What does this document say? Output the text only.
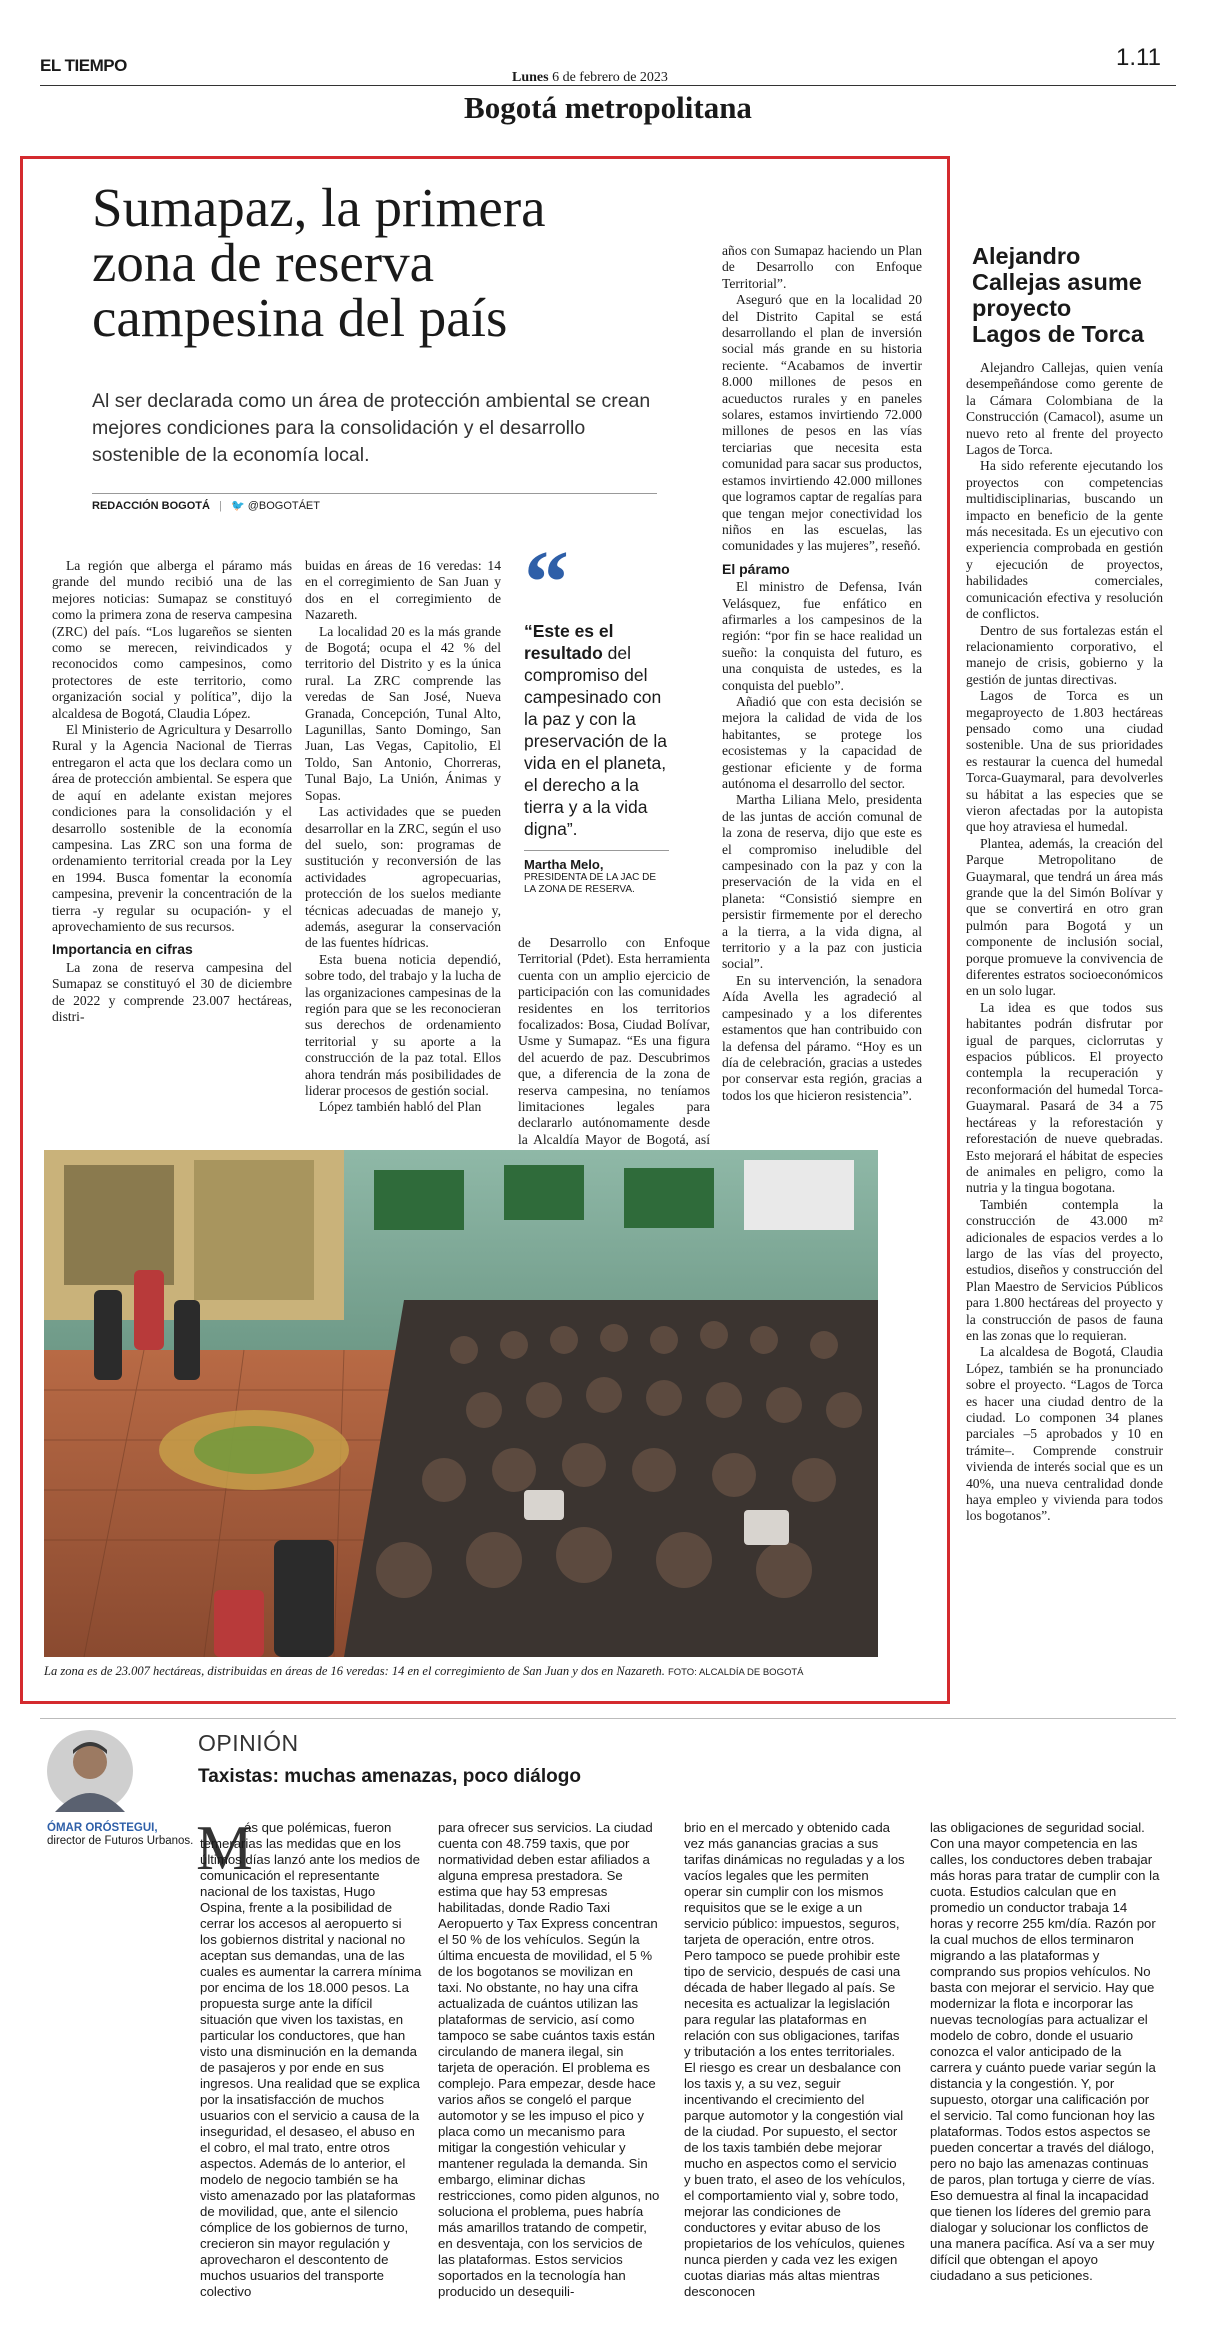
EL TIEMPO
Lunes 6 de febrero de 2023
1.11
Bogotá metropolitana
Sumapaz, la primera
zona de reserva
campesina del país
Al ser declarada como un área de protección ambiental se crean mejores condiciones para la consolidación y el desarrollo sostenible de la economía local.
REDACCIÓN BOGOTÁ | 🐦 @BOGOTÁET

La región que alberga el páramo más grande del mundo recibió una de las mejores noticias: Sumapaz se constituyó como la primera zona de reserva campesina (ZRC) del país. “Los lugareños se sienten como se merecen, reivindicados y reconocidos como campesinos, como protectores de este territorio, como organización social y política”, dijo la alcaldesa de Bogotá, Claudia López.

El Ministerio de Agricultura y Desarrollo Rural y la Agencia Nacional de Tierras entregaron el acta que los declara como un área de protección ambiental. Se espera que de aquí en adelante existan mejores condiciones para la consolidación y el desarrollo sostenible de la economía campesina. Las ZRC son una forma de ordenamiento territorial creada por la Ley en 1994. Busca fomentar la economía campesina, prevenir la concentración de la tierra -y regular su ocupación- y el aprovechamiento de sus recursos.

Importancia en cifras

La zona de reserva campesina del Sumapaz se constituyó el 30 de diciembre de 2022 y comprende 23.007 hectáreas, distri-

buidas en áreas de 16 veredas: 14 en el corregimiento de San Juan y dos en el corregimiento de Nazareth.

La localidad 20 es la más grande de Bogotá; ocupa el 42 % del territorio del Distrito y es la única rural. La ZRC comprende las veredas de San José, Nueva Granada, Concepción, Tunal Alto, Lagunillas, Santo Domingo, San Juan, Las Vegas, Capitolio, El Toldo, San Antonio, Chorreras, Tunal Bajo, La Unión, Ánimas y Sopas.

Las actividades que se pueden desarrollar en la ZRC, según el uso del suelo, son: programas de sustitución y reconversión de las actividades agropecuarias, protección de los suelos mediante técnicas adecuadas de manejo y, además, asegurar la conservación de las fuentes hídricas.

Esta buena noticia dependió, sobre todo, del trabajo y la lucha de las organizaciones campesinas de la región para que se les reconocieran sus derechos de ordenamiento territorial y su aporte a la construcción de la paz total. Ellos ahora tendrán más posibilidades de liderar procesos de gestión social.

López también habló del Plan

“
“Este es el resultado del compromiso del campesinado con la paz y con la preservación de la vida en el planeta, el derecho a la tierra y a la vida digna”.
Martha Melo,
PRESIDENTA DE LA JAC DE LA ZONA DE RESERVA.

de Desarrollo con Enfoque Territorial (Pdet). Esta herramienta cuenta con un amplio ejercicio de participación con las comunidades residentes en los territorios focalizados: Bosa, Ciudad Bolívar, Usme y Sumapaz. “Es una figura del acuerdo de paz. Descubrimos que, a diferencia de la zona de reserva campesina, no teníamos limitaciones legales para declararlo autónomamente desde la Alcaldía Mayor de Bogotá, así

años con Sumapaz haciendo un Plan de Desarrollo con Enfoque Territorial”.

Aseguró que en la localidad 20 del Distrito Capital se está desarrollando el plan de inversión social más grande en su historia reciente. “Acabamos de invertir 8.000 millones de pesos en acueductos rurales y en paneles solares, estamos invirtiendo 72.000 millones de pesos en las vías terciarias que necesita esta comunidad para sacar sus productos, estamos invirtiendo 42.000 millones que logramos captar de regalías para que tengan mejor conectividad los niños en las escuelas, las comunidades y las mujeres”, reseñó.

El páramo

El ministro de Defensa, Iván Velásquez, fue enfático en afirmarles a los campesinos de la región: “por fin se hace realidad un sueño: la conquista del futuro, es una conquista de ustedes, es la conquista del pueblo”.

Añadió que con esta decisión se mejora la calidad de vida de los habitantes, se protege los ecosistemas y la capacidad de gestionar eficiente y de forma autónoma el desarrollo del sector.

Martha Liliana Melo, presidenta de las juntas de acción comunal de la zona de reserva, dijo que este es el compromiso ineludible del campesinado con la paz y con la preservación de la vida en el planeta: “Consistió siempre en persistir firmemente por el derecho a la tierra, a la vida digna, al territorio y a la paz con justicia social”.

En su intervención, la senadora Aída Avella les agradeció al campesinado y a los diferentes estamentos que han contribuido con la defensa del páramo. “Hoy es un día de celebración, gracias a ustedes por conservar esta región, gracias a todos los que hicieron resistencia”.

La zona es de 23.007 hectáreas, distribuidas en áreas de 16 veredas: 14 en el corregimiento de San Juan y dos en Nazareth. FOTO: ALCALDÍA DE BOGOTÁ
Alejandro
Callejas asume
proyecto
Lagos de Torca

Alejandro Callejas, quien venía desempeñándose como gerente de la Cámara Colombiana de la Construcción (Camacol), asume un nuevo reto al frente del proyecto Lagos de Torca.

Ha sido referente ejecutando los proyectos con competencias multidisciplinarias, buscando un impacto en beneficio de la gente más necesitada. Es un ejecutivo con experiencia comprobada en gestión y ejecución de proyectos, habilidades comerciales, comunicación efectiva y resolución de conflictos.

Dentro de sus fortalezas están el relacionamiento corporativo, el manejo de crisis, gobierno y la gestión de juntas directivas.

Lagos de Torca es un megaproyecto de 1.803 hectáreas pensado como una ciudad sostenible. Una de sus prioridades es restaurar la cuenca del humedal Torca-Guaymaral, para devolverles su hábitat a las especies que se vieron afectadas por la autopista que hoy atraviesa el humedal.

Plantea, además, la creación del Parque Metropolitano de Guaymaral, que tendrá un área más grande que la del Simón Bolívar y que se convertirá en otro gran pulmón para Bogotá y un componente de inclusión social, porque promueve la convivencia de diferentes estratos socioeconómicos en un solo lugar.

La idea es que todos sus habitantes podrán disfrutar por igual de parques, ciclorrutas y espacios públicos. El proyecto contempla la recuperación y reconformación del humedal Torca-Guaymaral. Pasará de 34 a 75 hectáreas y la reforestación y reforestación de nueve quebradas. Esto mejorará el hábitat de especies de animales en peligro, como la nutria y la tingua bogotana.

También contempla la construcción de 43.000 m² adicionales de espacios verdes a lo largo de las vías del proyecto, estudios, diseños y construcción del Plan Maestro de Servicios Públicos para 1.800 hectáreas del proyecto y la construcción de pasos de fauna en las zonas que lo requieran.

La alcaldesa de Bogotá, Claudia López, también se ha pronunciado sobre el proyecto. “Lagos de Torca es hacer una ciudad dentro de la ciudad. Lo componen 34 planes parciales –5 aprobados y 10 en trámite–. Comprende construir vivienda de interés social que es un 40%, una nueva centralidad donde haya empleo y vivienda para todos los bogotanos”.

ÓMAR ORÓSTEGUI,
director de Futuros Urbanos.
OPINIÓN
Taxistas: muchas amenazas, poco diálogo
M

ás que polémicas, fueron temerarias las medidas que en los últimos días lanzó ante los medios de comunicación el representante nacional de los taxistas, Hugo Ospina, frente a la posibilidad de cerrar los accesos al aeropuerto si los gobiernos distrital y nacional no aceptan sus demandas, una de las cuales es aumentar la carrera mínima por encima de los 18.000 pesos. La propuesta surge ante la difícil situación que viven los taxistas, en particular los conductores, que han visto una disminución en la demanda de pasajeros y por ende en sus ingresos. Una realidad que se explica por la insatisfacción de muchos usuarios con el servicio a causa de la inseguridad, el desaseo, el abuso en el cobro, el mal trato, entre otros aspectos. Además de lo anterior, el modelo de negocio también se ha visto amenazado por las plataformas de movilidad, que, ante el silencio cómplice de los gobiernos de turno, crecieron sin mayor regulación y aprovecharon el descontento de muchos usuarios del transporte colectivo

para ofrecer sus servicios. La ciudad cuenta con 48.759 taxis, que por normatividad deben estar afiliados a alguna empresa prestadora. Se estima que hay 53 empresas habilitadas, donde Radio Taxi Aeropuerto y Tax Express concentran el 50 % de los vehículos. Según la última encuesta de movilidad, el 5 % de los bogotanos se movilizan en taxi. No obstante, no hay una cifra actualizada de cuántos utilizan las plataformas de servicio, así como tampoco se sabe cuántos taxis están circulando de manera ilegal, sin tarjeta de operación. El problema es complejo. Para empezar, desde hace varios años se congeló el parque automotor y se les impuso el pico y placa como un mecanismo para mitigar la congestión vehicular y mantener regulada la demanda. Sin embargo, eliminar dichas restricciones, como piden algunos, no soluciona el problema, pues habría más amarillos tratando de competir, en desventaja, con los servicios de las plataformas. Estos servicios soportados en la tecnología han producido un desequili-

brio en el mercado y obtenido cada vez más ganancias gracias a sus tarifas dinámicas no reguladas y a los vacíos legales que les permiten operar sin cumplir con los mismos requisitos que se le exige a un servicio público: impuestos, seguros, tarjeta de operación, entre otros. Pero tampoco se puede prohibir este tipo de servicio, después de casi una década de haber llegado al país. Se necesita es actualizar la legislación para regular las plataformas en relación con sus obligaciones, tarifas y tributación a los entes territoriales. El riesgo es crear un desbalance con los taxis y, a su vez, seguir incentivando el crecimiento del parque automotor y la congestión vial de la ciudad. Por supuesto, el sector de los taxis también debe mejorar mucho en aspectos como el servicio y buen trato, el aseo de los vehículos, el comportamiento vial y, sobre todo, mejorar las condiciones de conductores y evitar abuso de los propietarios de los vehículos, quienes nunca pierden y cada vez les exigen cuotas diarias más altas mientras desconocen

las obligaciones de seguridad social. Con una mayor competencia en las calles, los conductores deben trabajar más horas para tratar de cumplir con la cuota. Estudios calculan que en promedio un conductor trabaja 14 horas y recorre 255 km/día. Razón por la cual muchos de ellos terminaron migrando a las plataformas y comprando sus propios vehículos. No basta con mejorar el servicio. Hay que modernizar la flota e incorporar las nuevas tecnologías para actualizar el modelo de cobro, donde el usuario conozca el valor anticipado de la carrera y cuánto puede variar según la distancia y la congestión. Y, por supuesto, otorgar una calificación por el servicio. Tal como funcionan hoy las plataformas. Todos estos aspectos se pueden concertar a través del diálogo, pero no bajo las amenazas continuas de paros, plan tortuga y cierre de vías. Eso demuestra al final la incapacidad que tienen los líderes del gremio para dialogar y solucionar los conflictos de una manera pacífica. Así va a ser muy difícil que obtengan el apoyo ciudadano a sus peticiones.
